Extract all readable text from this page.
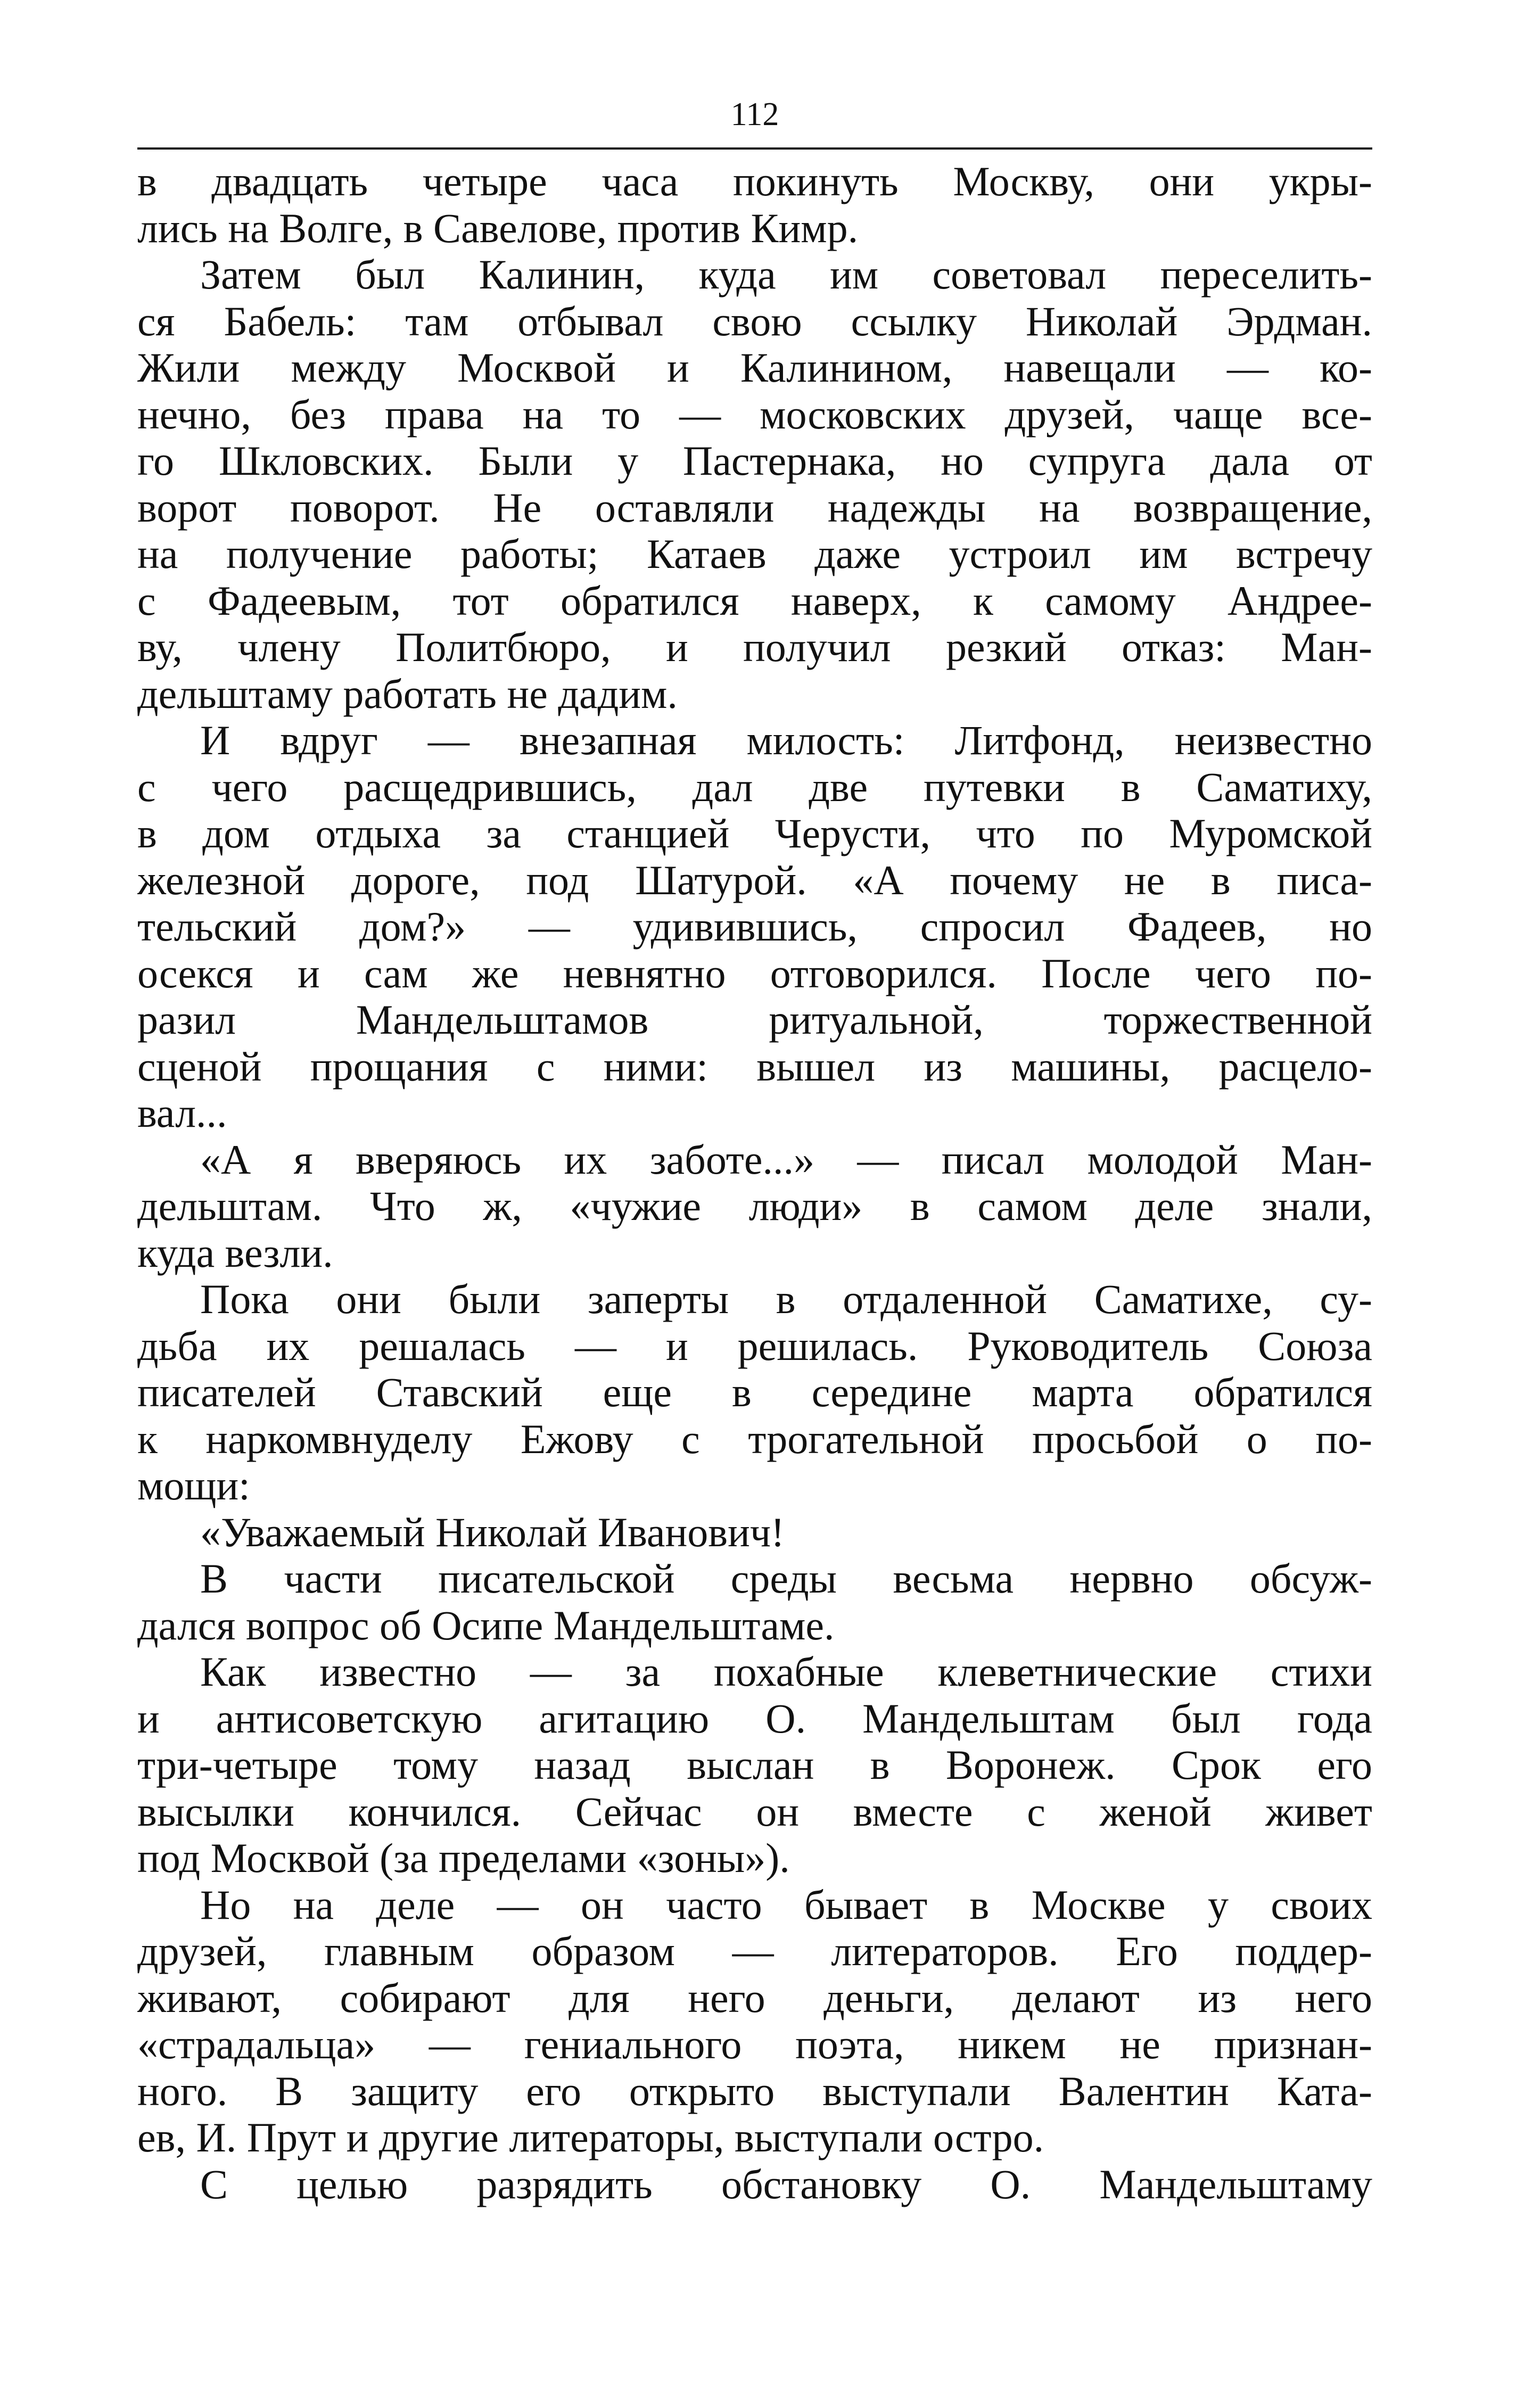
112
в двадцать четыре часа покинуть Москву, они укры-
лись на Волге, в Савелове, против Кимр.
Затем был Калинин, куда им советовал переселить-
ся Бабель: там отбывал свою ссылку Николай Эрдман.
Жили между Москвой и Калинином, навещали — ко-
нечно, без права на то — московских друзей, чаще все-
го Шкловских. Были у Пастернака, но супруга дала от
ворот поворот. Не оставляли надежды на возвращение,
на получение работы; Катаев даже устроил им встречу
с Фадеевым, тот обратился наверх, к самому Андрее-
ву, члену Политбюро, и получил резкий отказ: Ман-
дельштаму работать не дадим.
И вдруг — внезапная милость: Литфонд, неизвестно
с чего расщедрившись, дал две путевки в Саматиху,
в дом отдыха за станцией Черусти, что по Муромской
железной дороге, под Шатурой. «А почему не в писа-
тельский дом?» — удивившись, спросил Фадеев, но
осекся и сам же невнятно отговорился. После чего по-
разил Мандельштамов ритуальной, торжественной
сценой прощания с ними: вышел из машины, расцело-
вал...
«А я вверяюсь их заботе...» — писал молодой Ман-
дельштам. Что ж, «чужие люди» в самом деле знали,
куда везли.
Пока они были заперты в отдаленной Саматихе, су-
дьба их решалась — и решилась. Руководитель Союза
писателей Ставский еще в середине марта обратился
к наркомвнуделу Ежову с трогательной просьбой о по-
мощи:
«Уважаемый Николай Иванович!
В части писательской среды весьма нервно обсуж-
дался вопрос об Осипе Мандельштаме.
Как известно — за похабные клеветнические стихи
и антисоветскую агитацию О. Мандельштам был года
три-четыре тому назад выслан в Воронеж. Срок его
высылки кончился. Сейчас он вместе с женой живет
под Москвой (за пределами «зоны»).
Но на деле — он часто бывает в Москве у своих
друзей, главным образом — литераторов. Его поддер-
живают, собирают для него деньги, делают из него
«страдальца» — гениального поэта, никем не признан-
ного. В защиту его открыто выступали Валентин Ката-
ев, И. Прут и другие литераторы, выступали остро.
С целью разрядить обстановку О. Мандельштаму
